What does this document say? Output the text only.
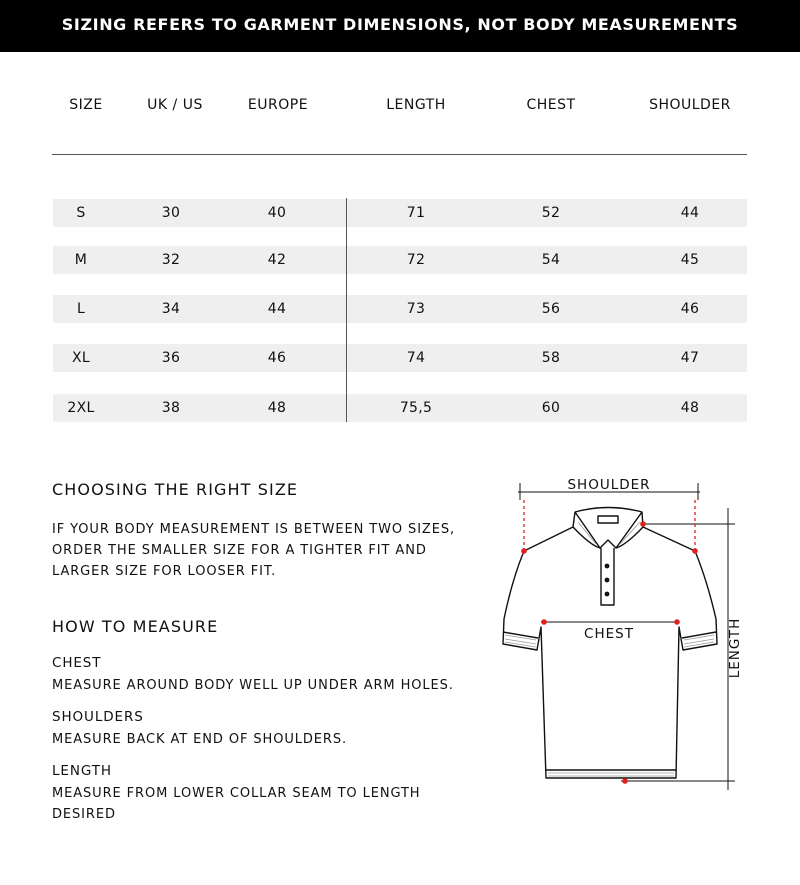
SIZING REFERS TO GARMENT DIMENSIONS, NOT BODY MEASUREMENTS
SIZE	UK / US	EUROPE	LENGTH	CHEST	SHOULDER
S	30	40	71	52	44
M	32	42	72	54	45
L	34	44	73	56	46
XL	36	46	74	58	47
2XL	38	48	75,5	60	48
CHOOSING THE RIGHT SIZE
IF YOUR BODY MEASUREMENT IS BETWEEN TWO SIZES,
ORDER THE SMALLER SIZE FOR A TIGHTER FIT AND
LARGER SIZE FOR LOOSER FIT.
HOW TO MEASURE
CHEST
MEASURE AROUND BODY WELL UP UNDER ARM HOLES.
SHOULDERS
MEASURE BACK AT END OF SHOULDERS.
LENGTH
MEASURE FROM LOWER COLLAR SEAM TO LENGTH
DESIRED
SHOULDER
CHEST	LENGTH
